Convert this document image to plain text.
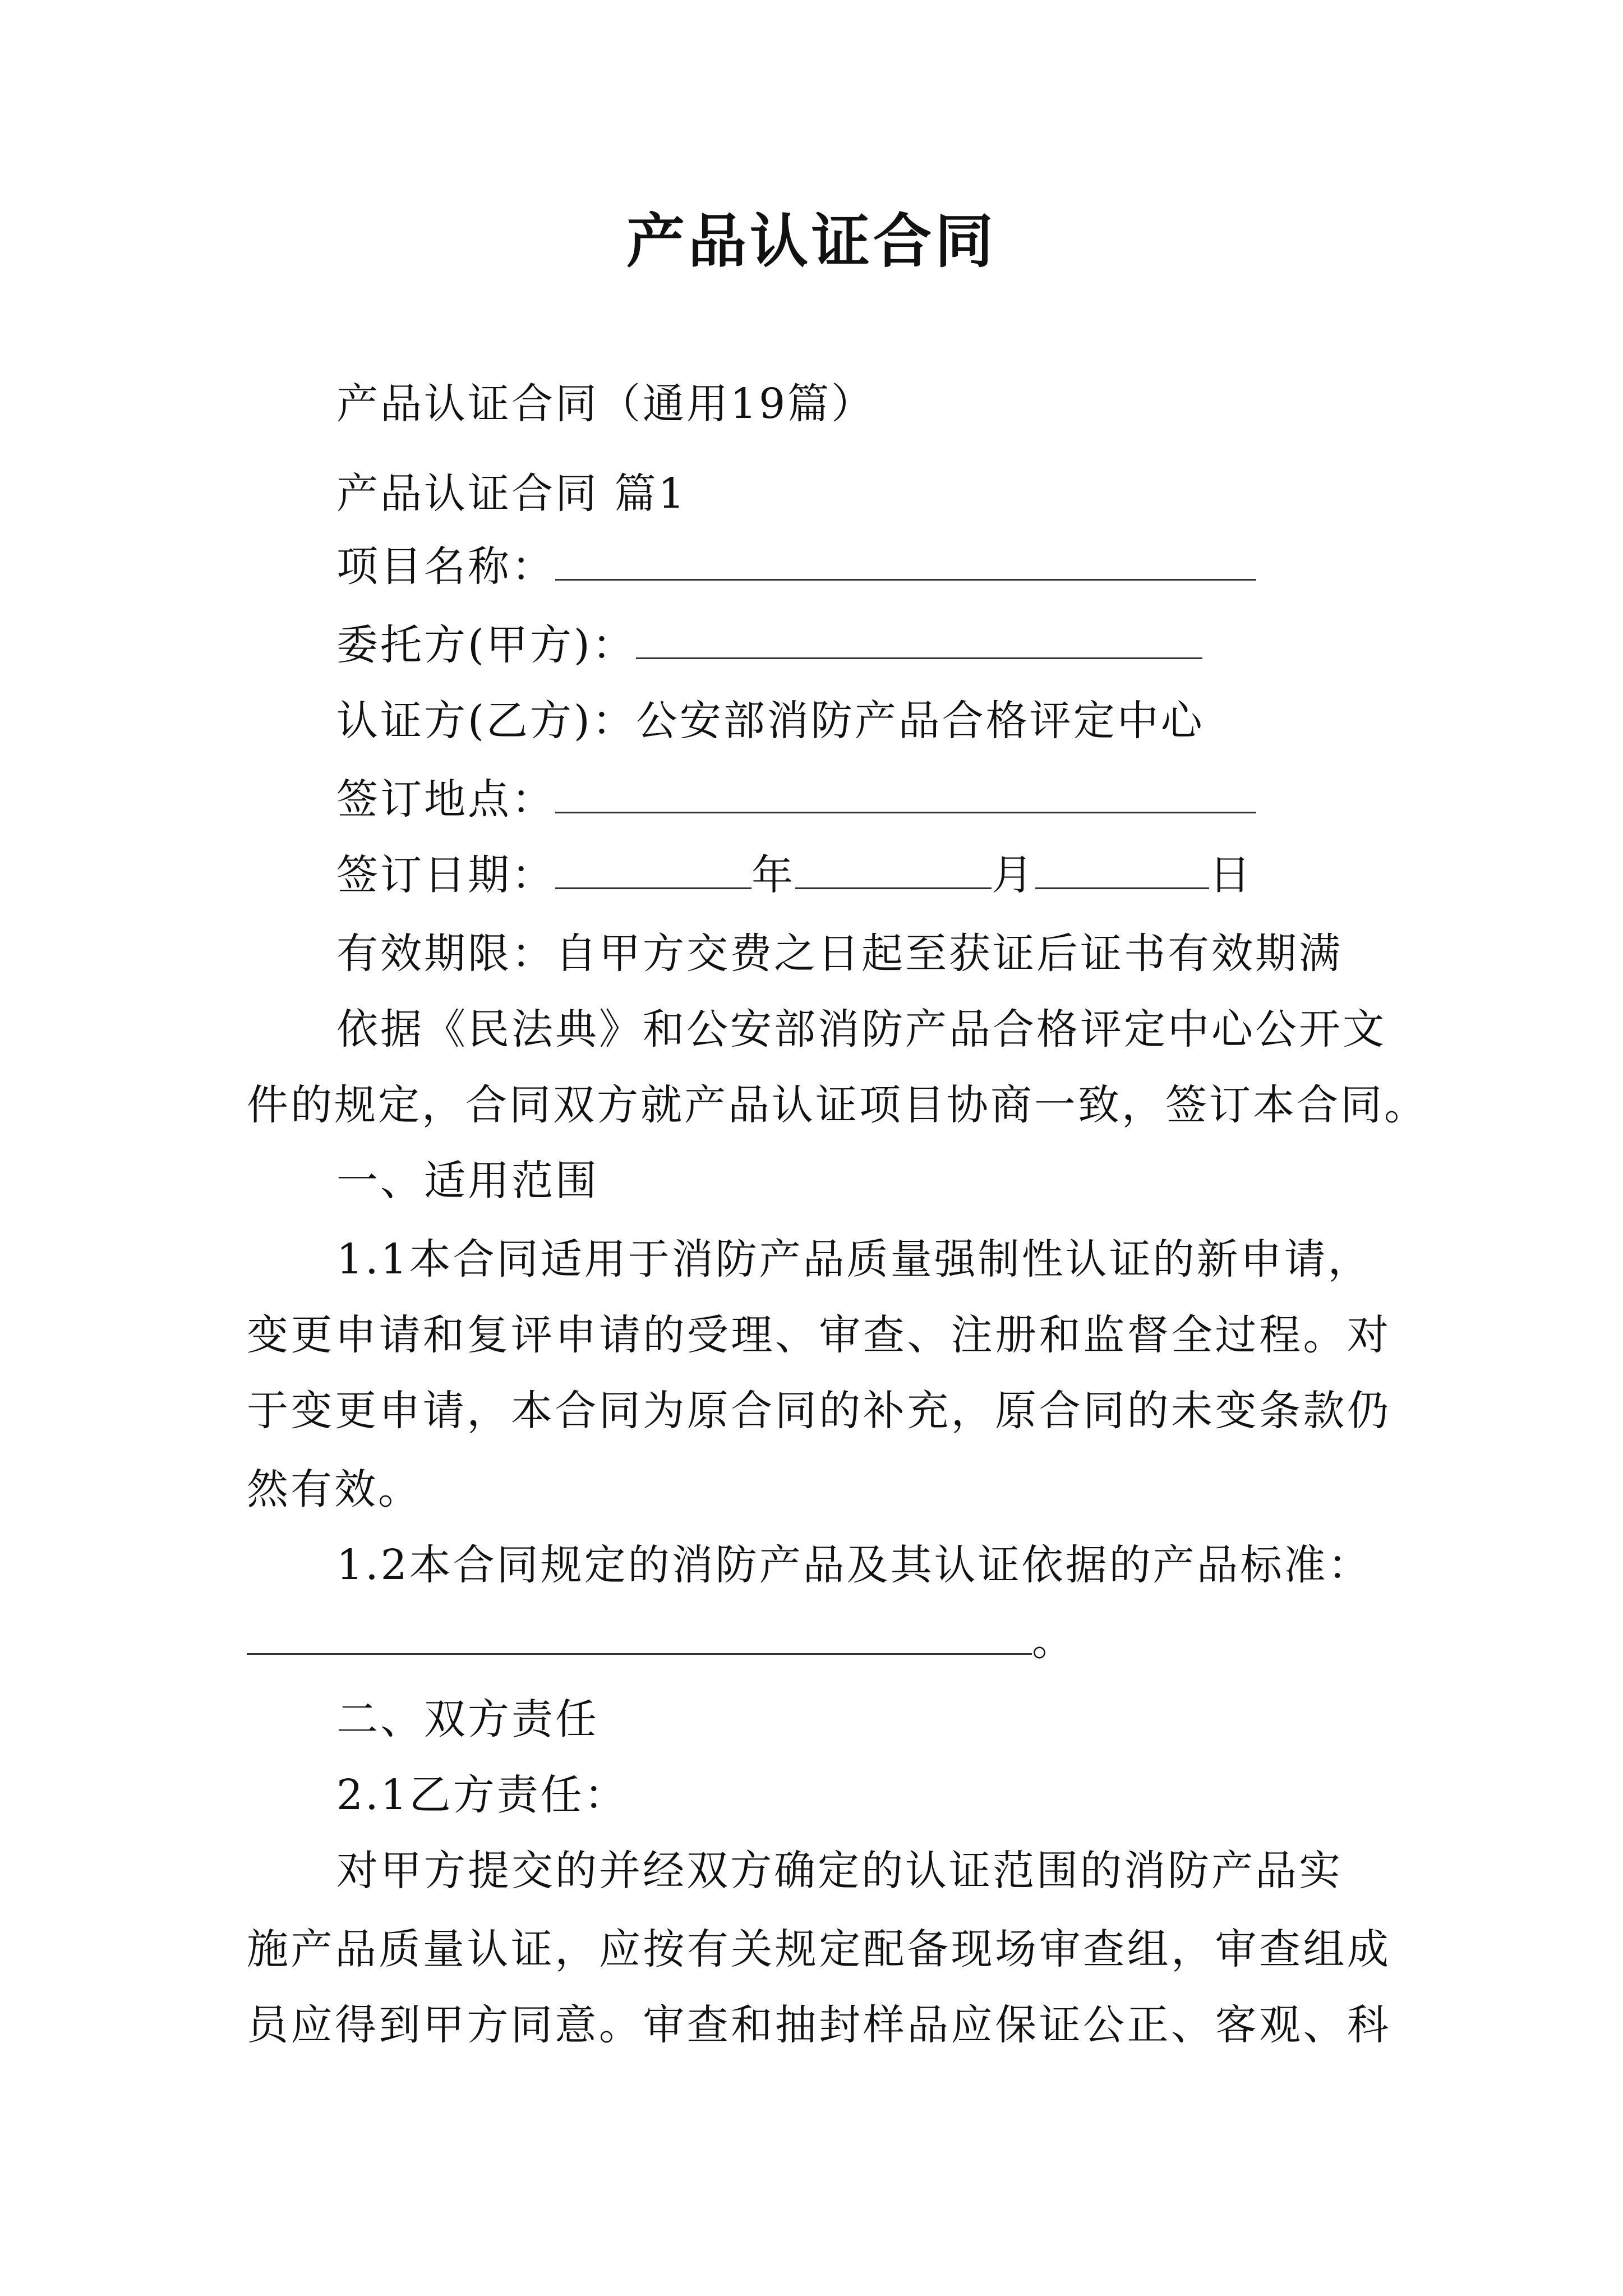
产品认证合同
产品认证合同（通用19篇）
产品认证合同 篇1
项目名称：
委托方(甲方)：
认证方(乙方)：公安部消防产品合格评定中心
签订地点：
签订日期：	年	月	日
有效期限：自甲方交费之日起至获证后证书有效期满
依据《民法典》和公安部消防产品合格评定中心公开文
件的规定，合同双方就产品认证项目协商一致，签订本合同。
一、适用范围
1.1本合同适用于消防产品质量强制性认证的新申请，
变更申请和复评申请的受理、审查、注册和监督全过程。对
于变更申请，本合同为原合同的补充，原合同的未变条款仍
然有效。
1.2本合同规定的消防产品及其认证依据的产品标准：
。
二、双方责任
2.1乙方责任：
对甲方提交的并经双方确定的认证范围的消防产品实
施产品质量认证，应按有关规定配备现场审查组，审查组成
员应得到甲方同意。审查和抽封样品应保证公正、客观、科
